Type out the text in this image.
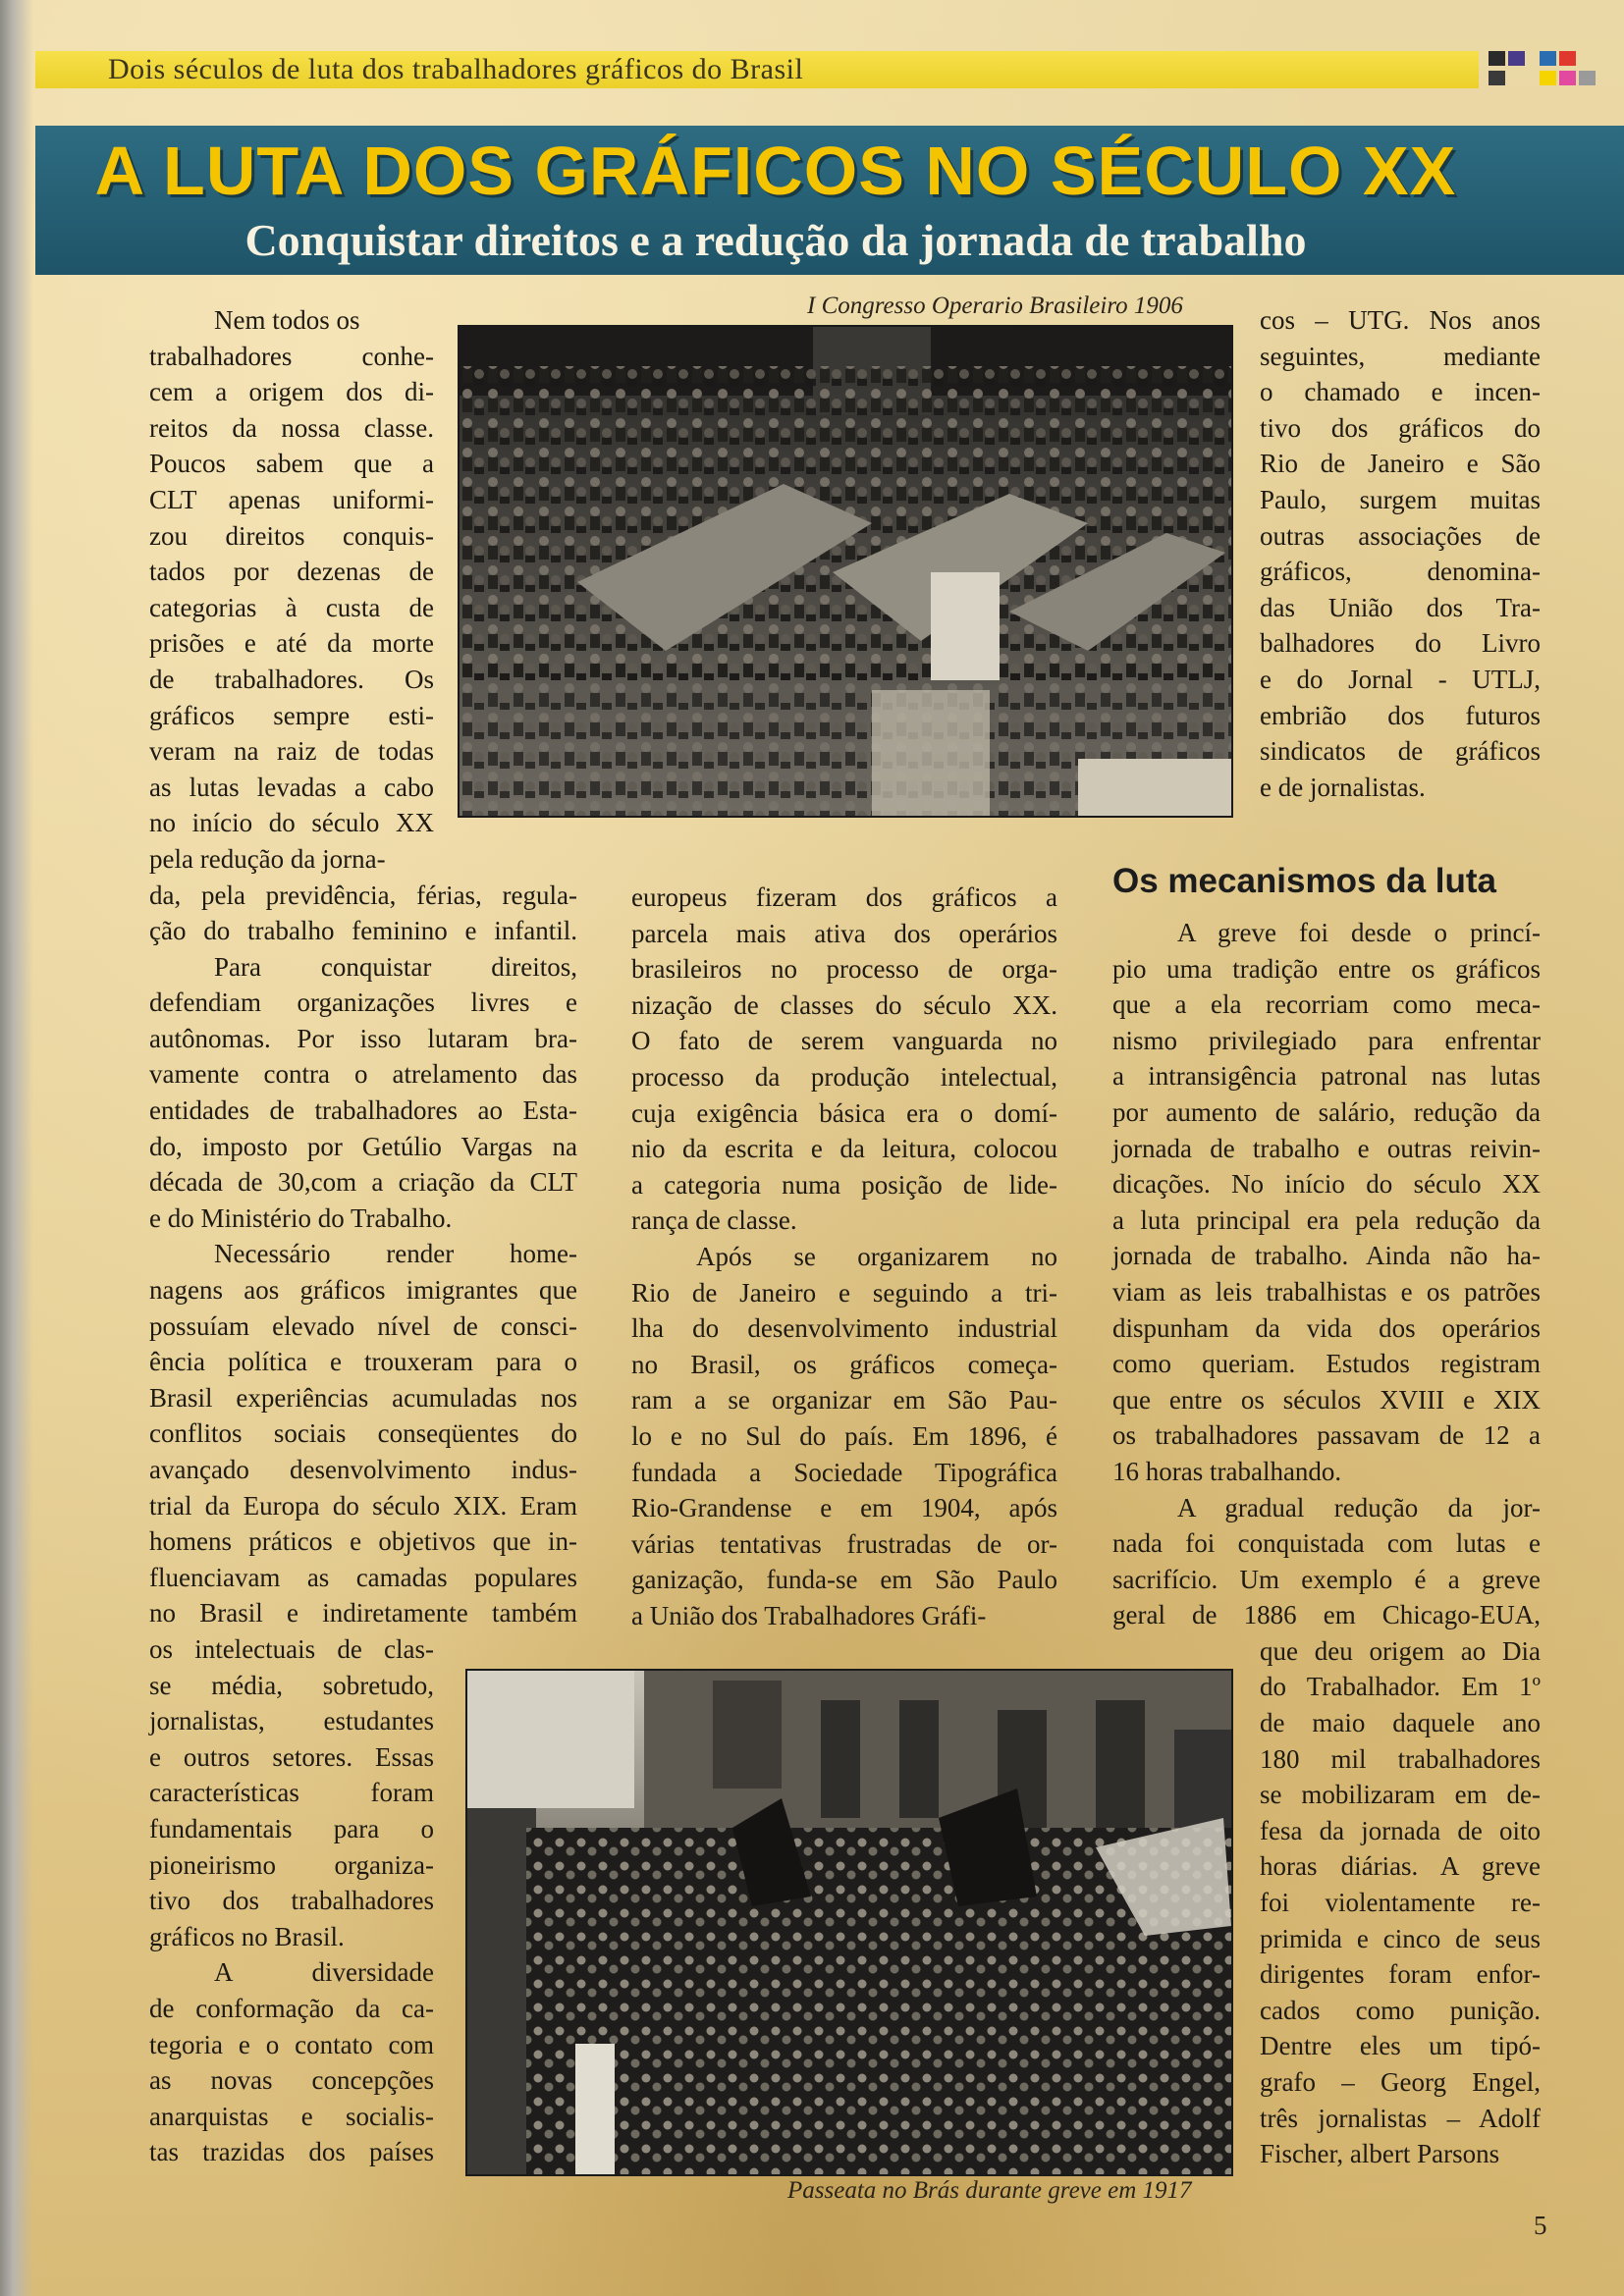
Dois séculos de luta dos trabalhadores gráficos do Brasil
A LUTA DOS GRÁFICOS NO SÉCULO XX
Conquistar direitos e a redução da jornada de trabalho
Nem todos os
trabalhadores conhe-
cem a origem dos di-
reitos da nossa classe.
Poucos sabem que a
CLT apenas uniformi-
zou direitos conquis-
tados por dezenas de
categorias à custa de
prisões e até da morte
de trabalhadores. Os
gráficos sempre esti-
veram na raiz de todas
as lutas levadas a cabo
no início do século XX
pela redução da jorna-
da, pela previdência, férias, regula-
ção do trabalho feminino e infantil.
Para conquistar direitos,
defendiam organizações livres e
autônomas. Por isso lutaram bra-
vamente contra o atrelamento das
entidades de trabalhadores ao Esta-
do, imposto por Getúlio Vargas na
década de 30,com a criação da CLT
e do Ministério do Trabalho.
Necessário render home-
nagens aos gráficos imigrantes que
possuíam elevado nível de consci-
ência política e trouxeram para o
Brasil experiências acumuladas nos
conflitos sociais conseqüentes do
avançado desenvolvimento indus-
trial da Europa do século XIX. Eram
homens práticos e objetivos que in-
fluenciavam as camadas populares
no Brasil e indiretamente também
os intelectuais de clas-
se média, sobretudo,
jornalistas, estudantes
e outros setores. Essas
características foram
fundamentais para o
pioneirismo organiza-
tivo dos trabalhadores
gráficos no Brasil.
A diversidade
de conformação da ca-
tegoria e o contato com
as novas concepções
anarquistas e socialis-
tas trazidas dos países
europeus fizeram dos gráficos a
parcela mais ativa dos operários
brasileiros no processo de orga-
nização de classes do século XX.
O fato de serem vanguarda no
processo da produção intelectual,
cuja exigência básica era o domí-
nio da escrita e da leitura, colocou
a categoria numa posição de lide-
rança de classe.
Após se organizarem no
Rio de Janeiro e seguindo a tri-
lha do desenvolvimento industrial
no Brasil, os gráficos começa-
ram a se organizar em São Pau-
lo e no Sul do país. Em 1896, é
fundada a Sociedade Tipográfica
Rio-Grandense e em 1904, após
várias tentativas frustradas de or-
ganização, funda-se em São Paulo
a União dos Trabalhadores Gráfi-
cos – UTG. Nos anos
seguintes, mediante
o chamado e incen-
tivo dos gráficos do
Rio de Janeiro e São
Paulo, surgem muitas
outras associações de
gráficos, denomina-
das União dos Tra-
balhadores do Livro
e do Jornal - UTLJ,
embrião dos futuros
sindicatos de gráficos
e de jornalistas.
Os mecanismos da luta
A greve foi desde o princí-
pio uma tradição entre os gráficos
que a ela recorriam como meca-
nismo privilegiado para enfrentar
a intransigência patronal nas lutas
por aumento de salário, redução da
jornada de trabalho e outras reivin-
dicações. No início do século XX
a luta principal era pela redução da
jornada de trabalho. Ainda não ha-
viam as leis trabalhistas e os patrões
dispunham da vida dos operários
como queriam. Estudos registram
que entre os séculos XVIII e XIX
os trabalhadores passavam de 12 a
16 horas trabalhando.
A gradual redução da jor-
nada foi conquistada com lutas e
sacrifício. Um exemplo é a greve
geral de 1886 em Chicago-EUA,
que deu origem ao Dia
do Trabalhador. Em 1º
de maio daquele ano
180 mil trabalhadores
se mobilizaram em de-
fesa da jornada de oito
horas diárias. A greve
foi violentamente re-
primida e cinco de seus
dirigentes foram enfor-
cados como punição.
Dentre eles um tipó-
grafo – Georg Engel,
três jornalistas – Adolf
Fischer, albert Parsons
I Congresso Operario Brasileiro 1906
Passeata no Brás durante greve em 1917
5
